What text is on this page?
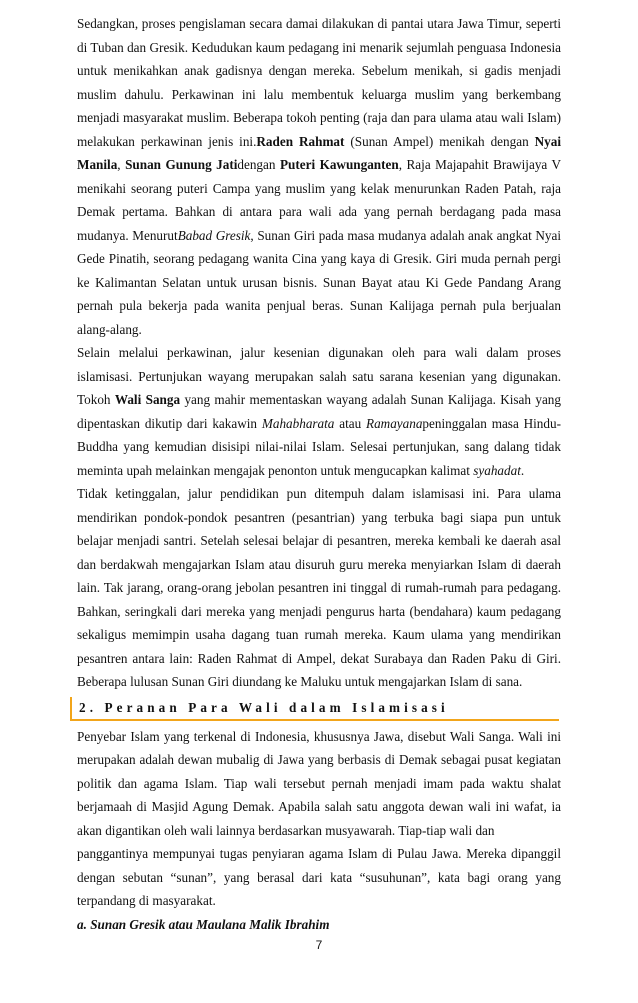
Sedangkan, proses pengislaman secara damai dilakukan di pantai utara Jawa Timur, seperti di Tuban dan Gresik. Kedudukan kaum pedagang ini menarik sejumlah penguasa Indonesia untuk menikahkan anak gadisnya dengan mereka. Sebelum menikah, si gadis menjadi muslim dahulu. Perkawinan ini lalu membentuk keluarga muslim yang berkembang menjadi masyarakat muslim. Beberapa tokoh penting (raja dan para ulama atau wali Islam) melakukan perkawinan jenis ini.Raden Rahmat (Sunan Ampel) menikah dengan Nyai Manila, Sunan Gunung Jatidengan Puteri Kawunganten, Raja Majapahit Brawijaya V menikahi seorang puteri Campa yang muslim yang kelak menurunkan Raden Patah, raja Demak pertama. Bahkan di antara para wali ada yang pernah berdagang pada masa mudanya. MenurutBabad Gresik, Sunan Giri pada masa mudanya adalah anak angkat Nyai Gede Pinatih, seorang pedagang wanita Cina yang kaya di Gresik. Giri muda pernah pergi ke Kalimantan Selatan untuk urusan bisnis. Sunan Bayat atau Ki Gede Pandang Arang pernah pula bekerja pada wanita penjual beras. Sunan Kalijaga pernah pula berjualan alang-alang.

Selain melalui perkawinan, jalur kesenian digunakan oleh para wali dalam proses islamisasi. Pertunjukan wayang merupakan salah satu sarana kesenian yang digunakan. Tokoh Wali Sanga yang mahir mementaskan wayang adalah Sunan Kalijaga. Kisah yang dipentaskan dikutip dari kakawin Mahabharata atau Ramayanapeninggalan masa Hindu-Buddha yang kemudian disisipi nilai-nilai Islam. Selesai pertunjukan, sang dalang tidak meminta upah melainkan mengajak penonton untuk mengucapkan kalimat syahadat.

Tidak ketinggalan, jalur pendidikan pun ditempuh dalam islamisasi ini. Para ulama mendirikan pondok-pondok pesantren (pesantrian) yang terbuka bagi siapa pun untuk belajar menjadi santri. Setelah selesai belajar di pesantren, mereka kembali ke daerah asal dan berdakwah mengajarkan Islam atau disuruh guru mereka menyiarkan Islam di daerah lain. Tak jarang, orang-orang jebolan pesantren ini tinggal di rumah-rumah para pedagang. Bahkan, seringkali dari mereka yang menjadi pengurus harta (bendahara) kaum pedagang sekaligus memimpin usaha dagang tuan rumah mereka. Kaum ulama yang mendirikan pesantren antara lain: Raden Rahmat di Ampel, dekat Surabaya dan Raden Paku di Giri. Beberapa lulusan Sunan Giri diundang ke Maluku untuk mengajarkan Islam di sana.

2. Peranan Para Wali dalam Islamisasi

Penyebar Islam yang terkenal di Indonesia, khususnya Jawa, disebut Wali Sanga. Wali ini merupakan adalah dewan mubalig di Jawa yang berbasis di Demak sebagai pusat kegiatan politik dan agama Islam. Tiap wali tersebut pernah menjadi imam pada waktu shalat berjamaah di Masjid Agung Demak. Apabila salah satu anggota dewan wali ini wafat, ia akan digantikan oleh wali lainnya berdasarkan musyawarah. Tiap-tiap wali dan

panggantinya mempunyai tugas penyiaran agama Islam di Pulau Jawa. Mereka dipanggil dengan sebutan “sunan”, yang berasal dari kata “susuhunan”, kata bagi orang yang terpandang di masyarakat.

a. Sunan Gresik atau Maulana Malik Ibrahim

7
